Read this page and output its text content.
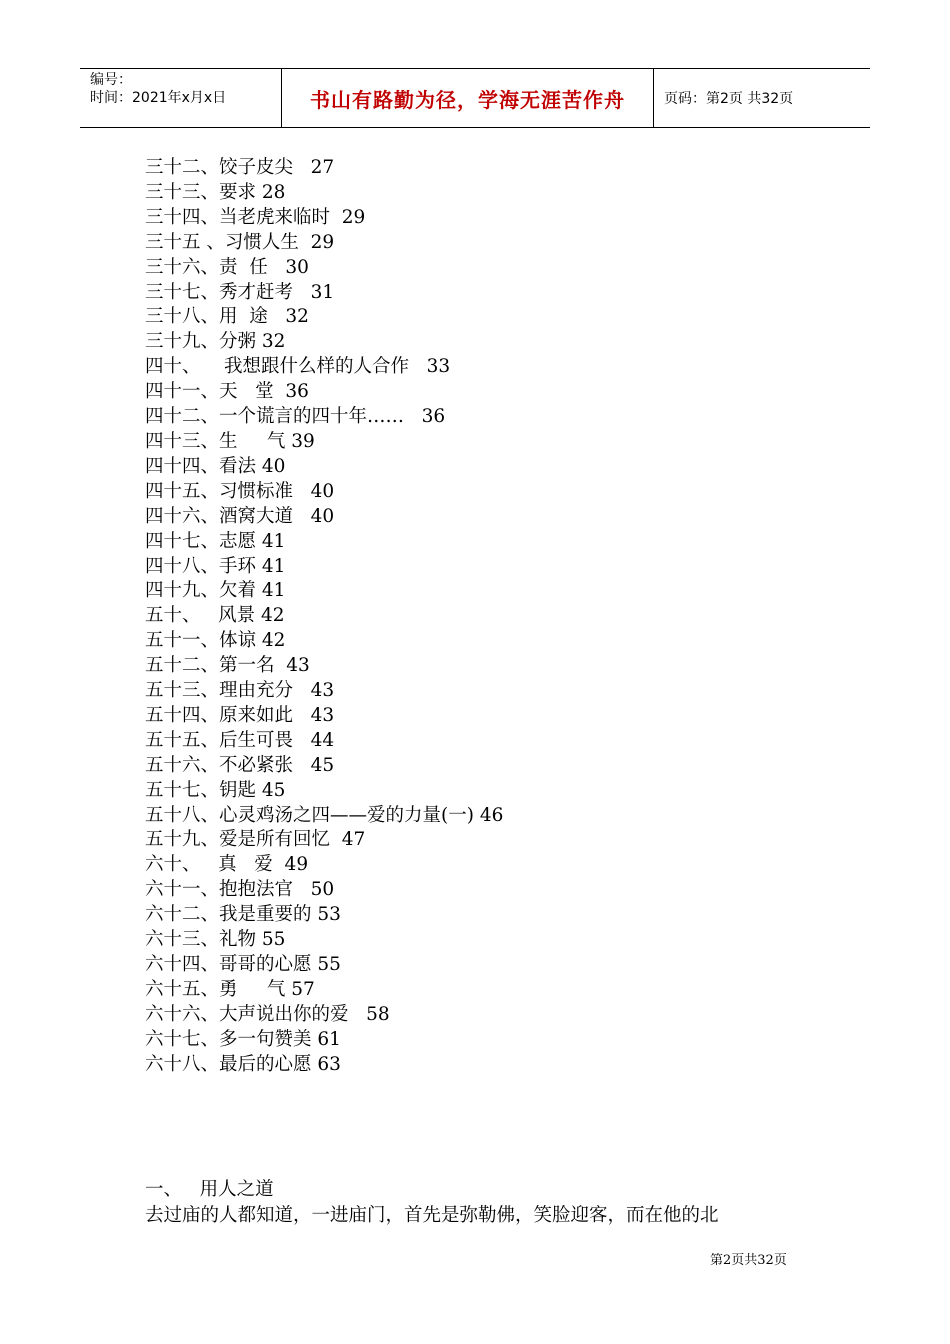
编号：
时间：2021年x月x日	书山有路勤为径，学海无涯苦作舟	页码：第2页 共32页
三十二、饺子皮尖   27
三十三、要求 28
三十四、当老虎来临时  29
三十五 、习惯人生  29
三十六、责  任   30
三十七、秀才赶考   31
三十八、用  途   32
三十九、分粥 32
四十、    我想跟什么样的人合作   33
四十一、天   堂  36
四十二、一个谎言的四十年……   36
四十三、生     气 39
四十四、看法 40
四十五、习惯标准   40
四十六、酒窝大道   40
四十七、志愿 41
四十八、手环 41
四十九、欠着 41
五十、   风景 42
五十一、体谅 42
五十二、第一名  43
五十三、理由充分   43
五十四、原来如此   43
五十五、后生可畏   44
五十六、不必紧张   45
五十七、钥匙 45
五十八、心灵鸡汤之四——爱的力量(一) 46
五十九、爱是所有回忆  47
六十、   真   爱  49
六十一、抱抱法官   50
六十二、我是重要的 53
六十三、礼物 55
六十四、哥哥的心愿 55
六十五、勇     气 57
六十六、大声说出你的爱   58
六十七、多一句赞美 61
六十八、最后的心愿 63
一、   用人之道
去过庙的人都知道，一进庙门，首先是弥勒佛，笑脸迎客，而在他的北
第2页共32页
